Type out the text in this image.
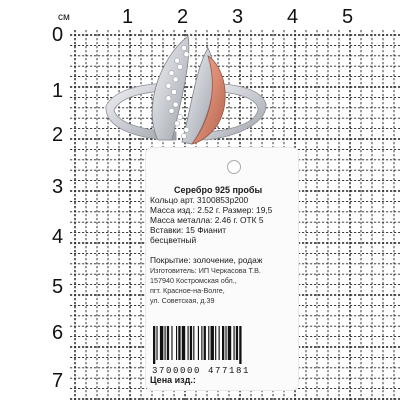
см	1 2 3 4 5
0
1
2
3
4
5
6
7
Серебро 925 пробы
Кольцо арт. 3100853р200
Масса изд.: 2.52 г. Размер: 19,5
Масса металла: 2.46 г. ОТК 5
Вставки: 15 Фианит
бесцветный
Покрытие: золочение, родаж
Изготовитель: ИП Черкасова Т.В.
157940 Костромская обл.,
пгт. Красное-на-Волге,
ул. Советская, д.39
3700000 477181
Цена изд.:
